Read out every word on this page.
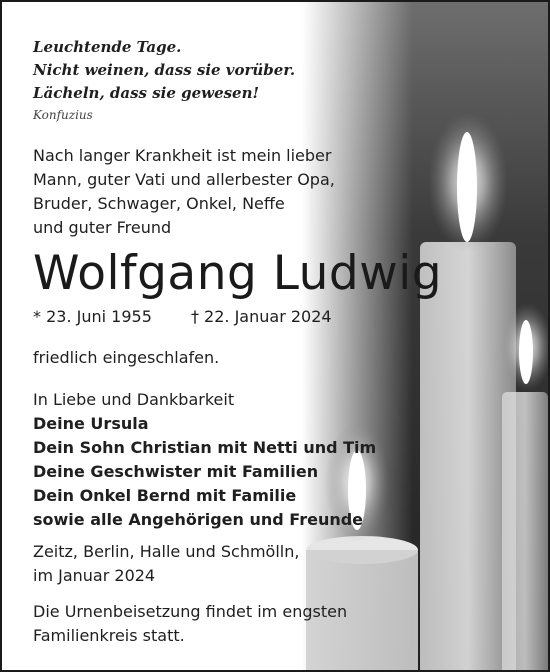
Leuchtende Tage.
Nicht weinen, dass sie vorüber.
Lächeln, dass sie gewesen!
Konfuzius
Nach langer Krankheit ist mein lieber
Mann, guter Vati und allerbester Opa,
Bruder, Schwager, Onkel, Neffe
und guter Freund
Wolfgang Ludwig
* 23. Juni 1955 † 22. Januar 2024
friedlich eingeschlafen.
In Liebe und Dankbarkeit
Deine Ursula
Dein Sohn Christian mit Netti und Tim
Deine Geschwister mit Familien
Dein Onkel Bernd mit Familie
sowie alle Angehörigen und Freunde
Zeitz, Berlin, Halle und Schmölln,
im Januar 2024
Die Urnenbeisetzung findet im engsten
Familienkreis statt.
